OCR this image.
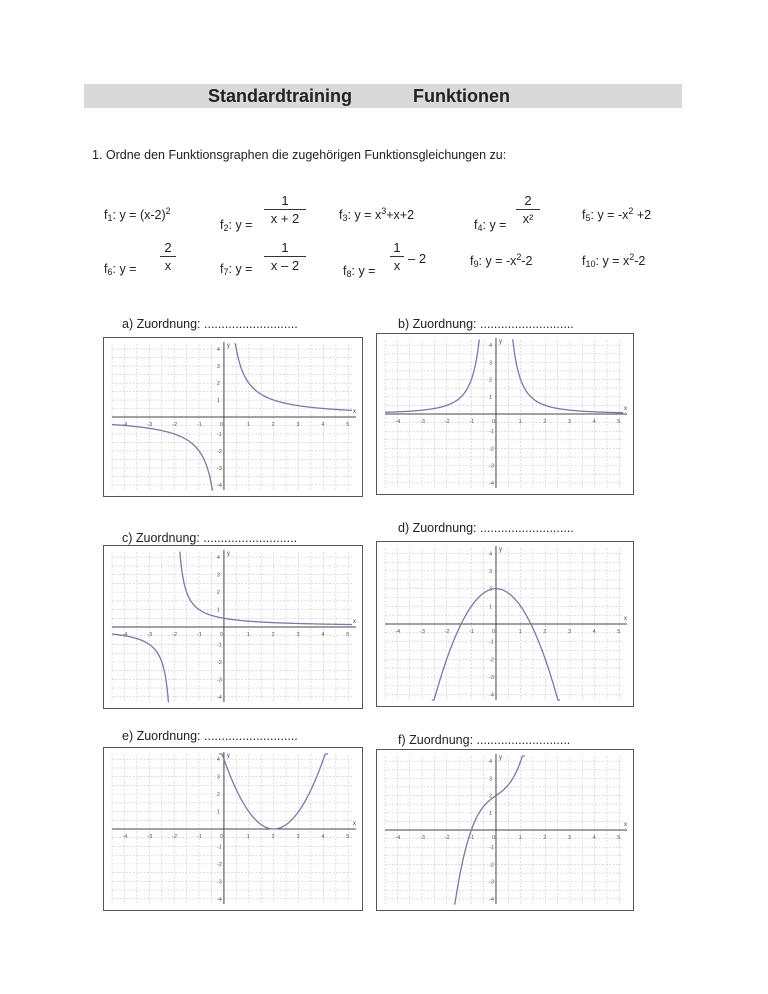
Standardtraining	Funktionen
1. Ordne den Funktionsgraphen die zugehörigen Funktionsgleichungen zu:
$f_1$: $y = (x-2)^2$
$f_2$: y =
1
x + 2	$f_3$: $y = x^3+x+2$
$f_4$: y =
2
x²	$f_5$: $y = -x^2 +2$
$f_6$: y =
2
x	$f_7$: y =
1
x – 2	$f_8$: y =
1
x – 2	$f_9$: $y = -x^2-2$	$f_{10}$: $y = x^2-2$
a) Zuordnung: ...........................	b) Zuordnung: ...........................
c) Zuordnung: ...........................
d) Zuordnung: ...........................
e) Zuordnung: ...........................	f) Zuordnung: ...........................
x
y
-4	-3	-2	-1	0	1	2	3	4	5
4
3
2
1
-1
-2
-3
-4
x
y
-4	-3	-2	-1	0	1	2	3	4	5
4
3
2
1
-1
-2
-3
-4
x
y
-4	-3	-2	-1	0	1	2	3	4	5
4
3
2
1
-1
-2
-3
-4
x
y
-4	-3	-2	-1	0	1	2	3	4	5
4
3
2
1
-1
-2
-3
-4
x
y
-4	-3	-2	-1	0	1	2	3	4	5
4
3
2
1
-1
-2
-3
-4
x
y
-4	-3	-2	-1	0	1	2	3	4	5
4
3
2
1
-1
-2
-3
-4
